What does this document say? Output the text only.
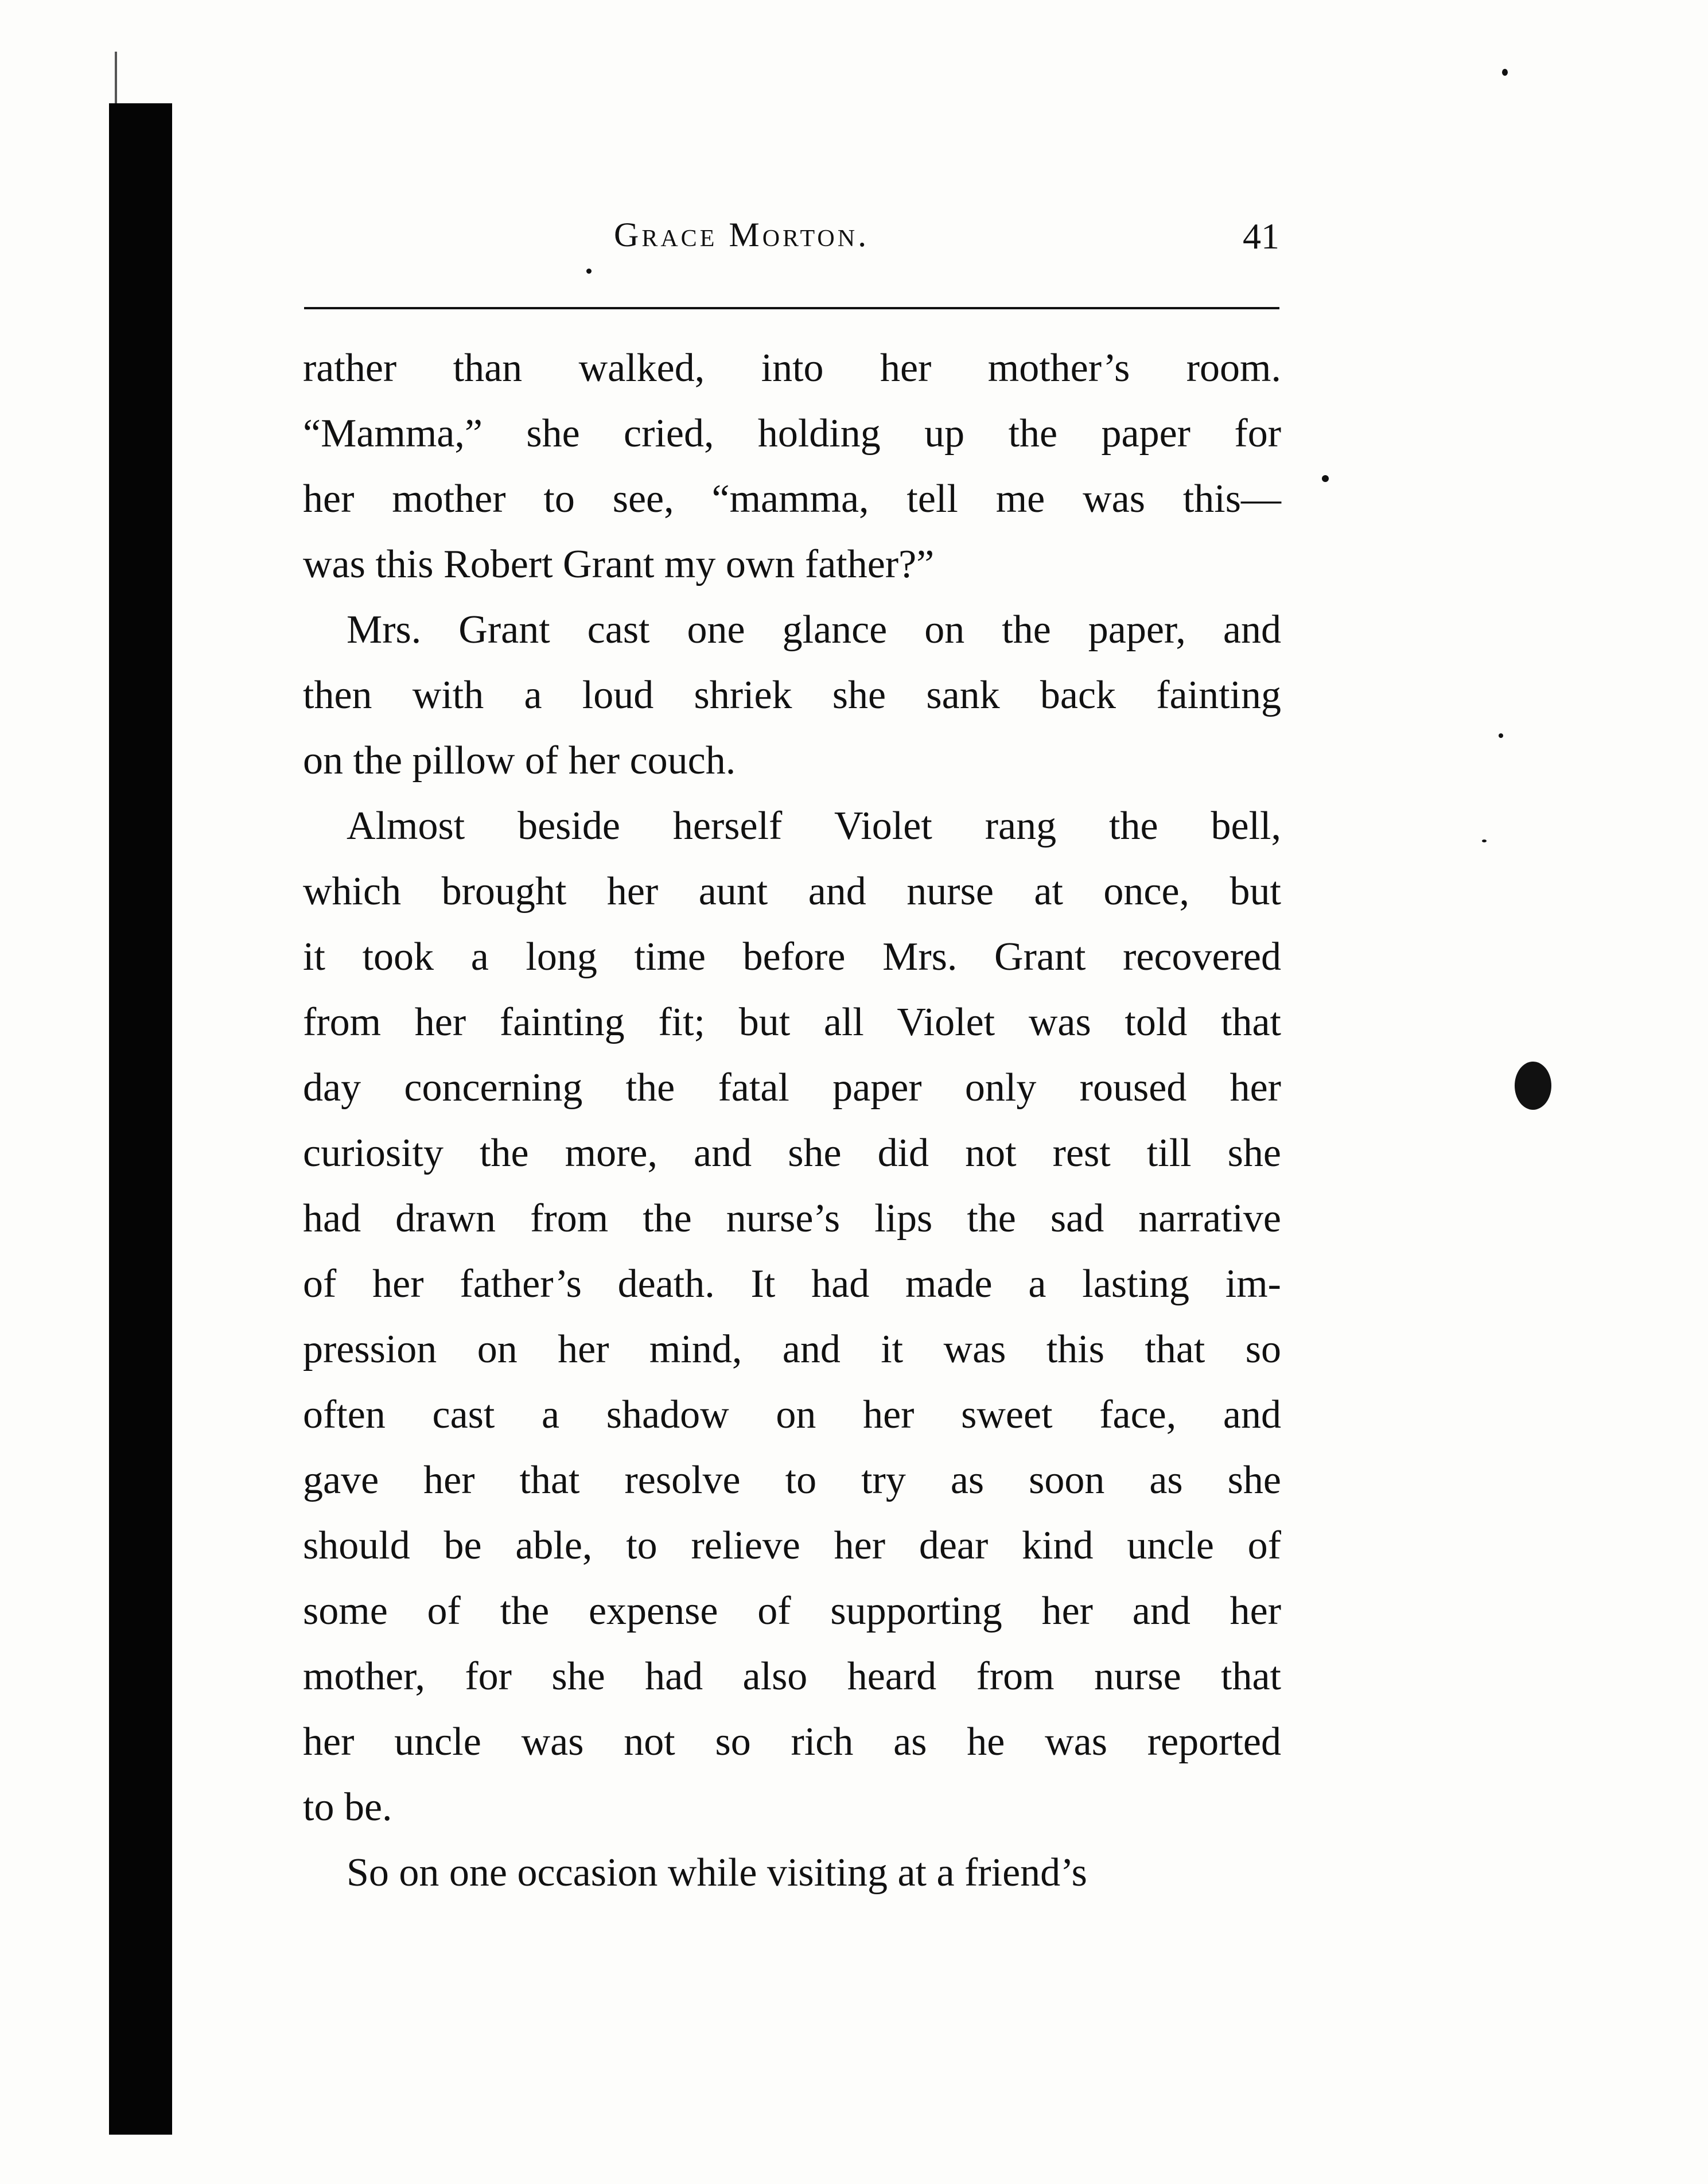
Grace Morton.	41
rather than walked, into her mother’s room.
“Mamma,” she cried, holding up the paper for
her mother to see, “mamma, tell me was this—
was this Robert Grant my own father?”
Mrs. Grant cast one glance on the paper, and
then with a loud shriek she sank back fainting
on the pillow of her couch.
Almost beside herself Violet rang the bell,
which brought her aunt and nurse at once, but
it took a long time before Mrs. Grant recovered
from her fainting fit; but all Violet was told that
day concerning the fatal paper only roused her
curiosity the more, and she did not rest till she
had drawn from the nurse’s lips the sad narrative
of her father’s death. It had made a lasting im-
pression on her mind, and it was this that so
often cast a shadow on her sweet face, and
gave her that resolve to try as soon as she
should be able, to relieve her dear kind uncle of
some of the expense of supporting her and her
mother, for she had also heard from nurse that
her uncle was not so rich as he was reported
to be.
So on one occasion while visiting at a friend’s
